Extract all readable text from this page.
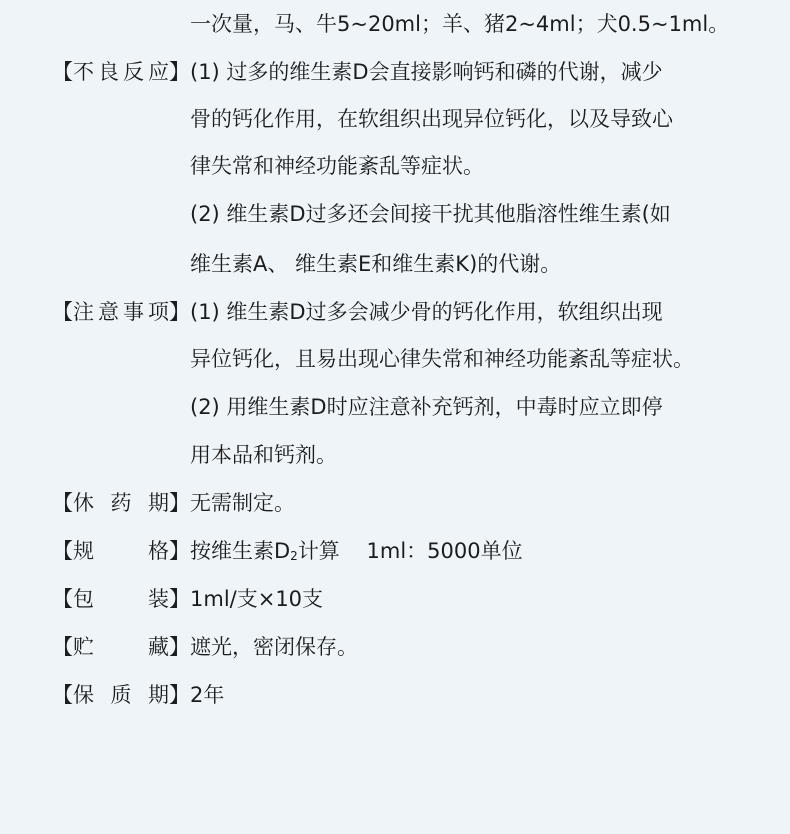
一次量，马、牛5~20ml；羊、猪2~4ml；犬0.5~1ml。
【 不 良 反 应 】 (1) 过多的维生素D会直接影响钙和磷的代谢，减少
骨的钙化作用，在软组织出现异位钙化，以及导致心
律失常和神经功能紊乱等症状。
(2) 维生素D过多还会间接干扰其他脂溶性维生素(如
维生素A、 维生素E和维生素K)的代谢。
【 注 意 事 项 】 (1) 维生素D过多会减少骨的钙化作用，软组织出现
异位钙化，且易出现心律失常和神经功能紊乱等症状。
(2) 用维生素D时应注意补充钙剂，中毒时应立即停
用本品和钙剂。
【 休 药 期 】 无需制定。
【 规	格 】 按维生素D2计算    1ml：5000单位
【 包	装 】 1ml/支×10支
【 贮	藏 】 遮光，密闭保存。
【 保 质 期 】 2年
